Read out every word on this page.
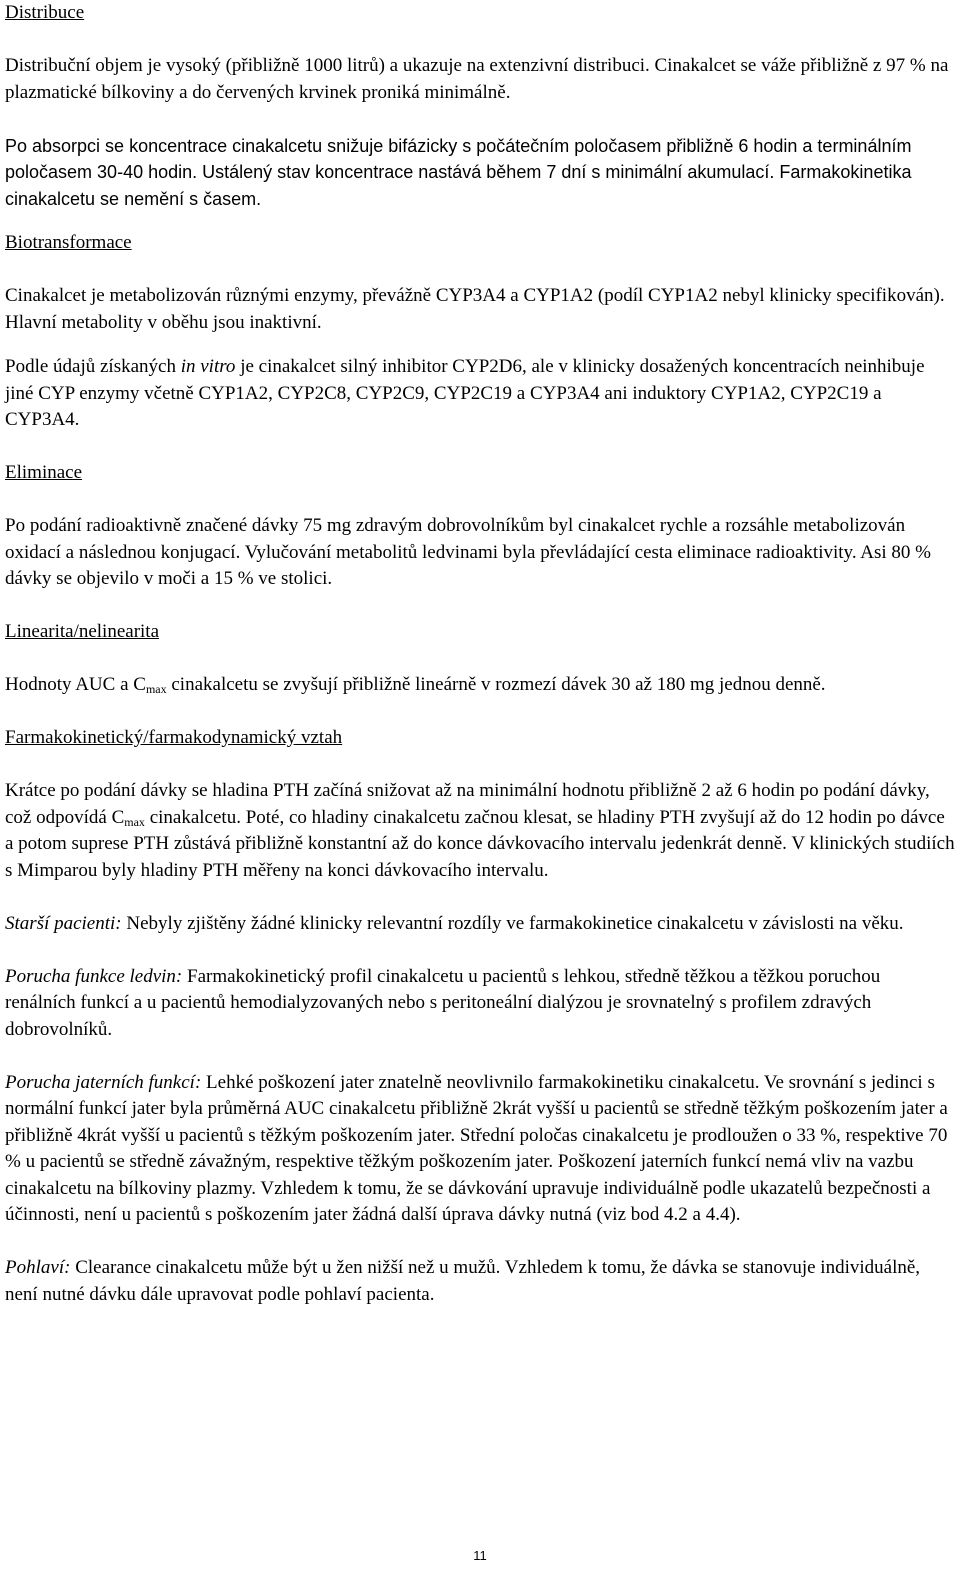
Distribuce

Distribuční objem je vysoký (přibližně 1000 litrů) a ukazuje na extenzivní distribuci. Cinakalcet se váže přibližně z 97 % na plazmatické bílkoviny a do červených krvinek proniká minimálně.

Po absorpci se koncentrace cinakalcetu snižuje bifázicky s počátečním poločasem přibližně 6 hodin a terminálním poločasem 30-40 hodin. Ustálený stav koncentrace nastává během 7 dní s minimální akumulací. Farmakokinetika cinakalcetu se nemění s časem.

Biotransformace

Cinakalcet je metabolizován různými enzymy, převážně CYP3A4 a CYP1A2 (podíl CYP1A2 nebyl klinicky specifikován). Hlavní metabolity v oběhu jsou inaktivní.

Podle údajů získaných in vitro je cinakalcet silný inhibitor CYP2D6, ale v klinicky dosažených koncentracích neinhibuje jiné CYP enzymy včetně CYP1A2, CYP2C8, CYP2C9, CYP2C19 a CYP3A4 ani induktory CYP1A2, CYP2C19 a CYP3A4.

Eliminace

Po podání radioaktivně značené dávky 75 mg zdravým dobrovolníkům byl cinakalcet rychle a rozsáhle metabolizován oxidací a následnou konjugací. Vylučování metabolitů ledvinami byla převládající cesta eliminace radioaktivity. Asi 80 % dávky se objevilo v moči a 15 % ve stolici.

Linearita/nelinearita

Hodnoty AUC a $C_{max}$ cinakalcetu se zvyšují přibližně lineárně v rozmezí dávek 30 až 180 mg jednou denně.

Farmakokinetický/farmakodynamický vztah

Krátce po podání dávky se hladina PTH začíná snižovat až na minimální hodnotu přibližně 2 až 6 hodin po podání dávky, což odpovídá $C_{max}$ cinakalcetu. Poté, co hladiny cinakalcetu začnou klesat, se hladiny PTH zvyšují až do 12 hodin po dávce a potom suprese PTH zůstává přibližně konstantní až do konce dávkovacího intervalu jedenkrát denně. V klinických studiích s Mimparou byly hladiny PTH měřeny na konci dávkovacího intervalu.

Starší pacienti: Nebyly zjištěny žádné klinicky relevantní rozdíly ve farmakokinetice cinakalcetu v závislosti na věku.

Porucha funkce ledvin: Farmakokinetický profil cinakalcetu u pacientů s lehkou, středně těžkou a těžkou poruchou renálních funkcí a u pacientů hemodialyzovaných nebo s peritoneální dialýzou je srovnatelný s profilem zdravých dobrovolníků.

Porucha jaterních funkcí: Lehké poškození jater znatelně neovlivnilo farmakokinetiku cinakalcetu. Ve srovnání s jedinci s normální funkcí jater byla průměrná AUC cinakalcetu přibližně 2krát vyšší u pacientů se středně těžkým poškozením jater a přibližně 4krát vyšší u pacientů s těžkým poškozením jater. Střední poločas cinakalcetu je prodloužen o 33 %, respektive 70 % u pacientů se středně závažným, respektive těžkým poškozením jater. Poškození jaterních funkcí nemá vliv na vazbu cinakalcetu na bílkoviny plazmy. Vzhledem k tomu, že se dávkování upravuje individuálně podle ukazatelů bezpečnosti a účinnosti, není u pacientů s poškozením jater žádná další úprava dávky nutná (viz bod 4.2 a 4.4).

Pohlaví: Clearance cinakalcetu může být u žen nižší než u mužů. Vzhledem k tomu, že dávka se stanovuje individuálně, není nutné dávku dále upravovat podle pohlaví pacienta.

11
